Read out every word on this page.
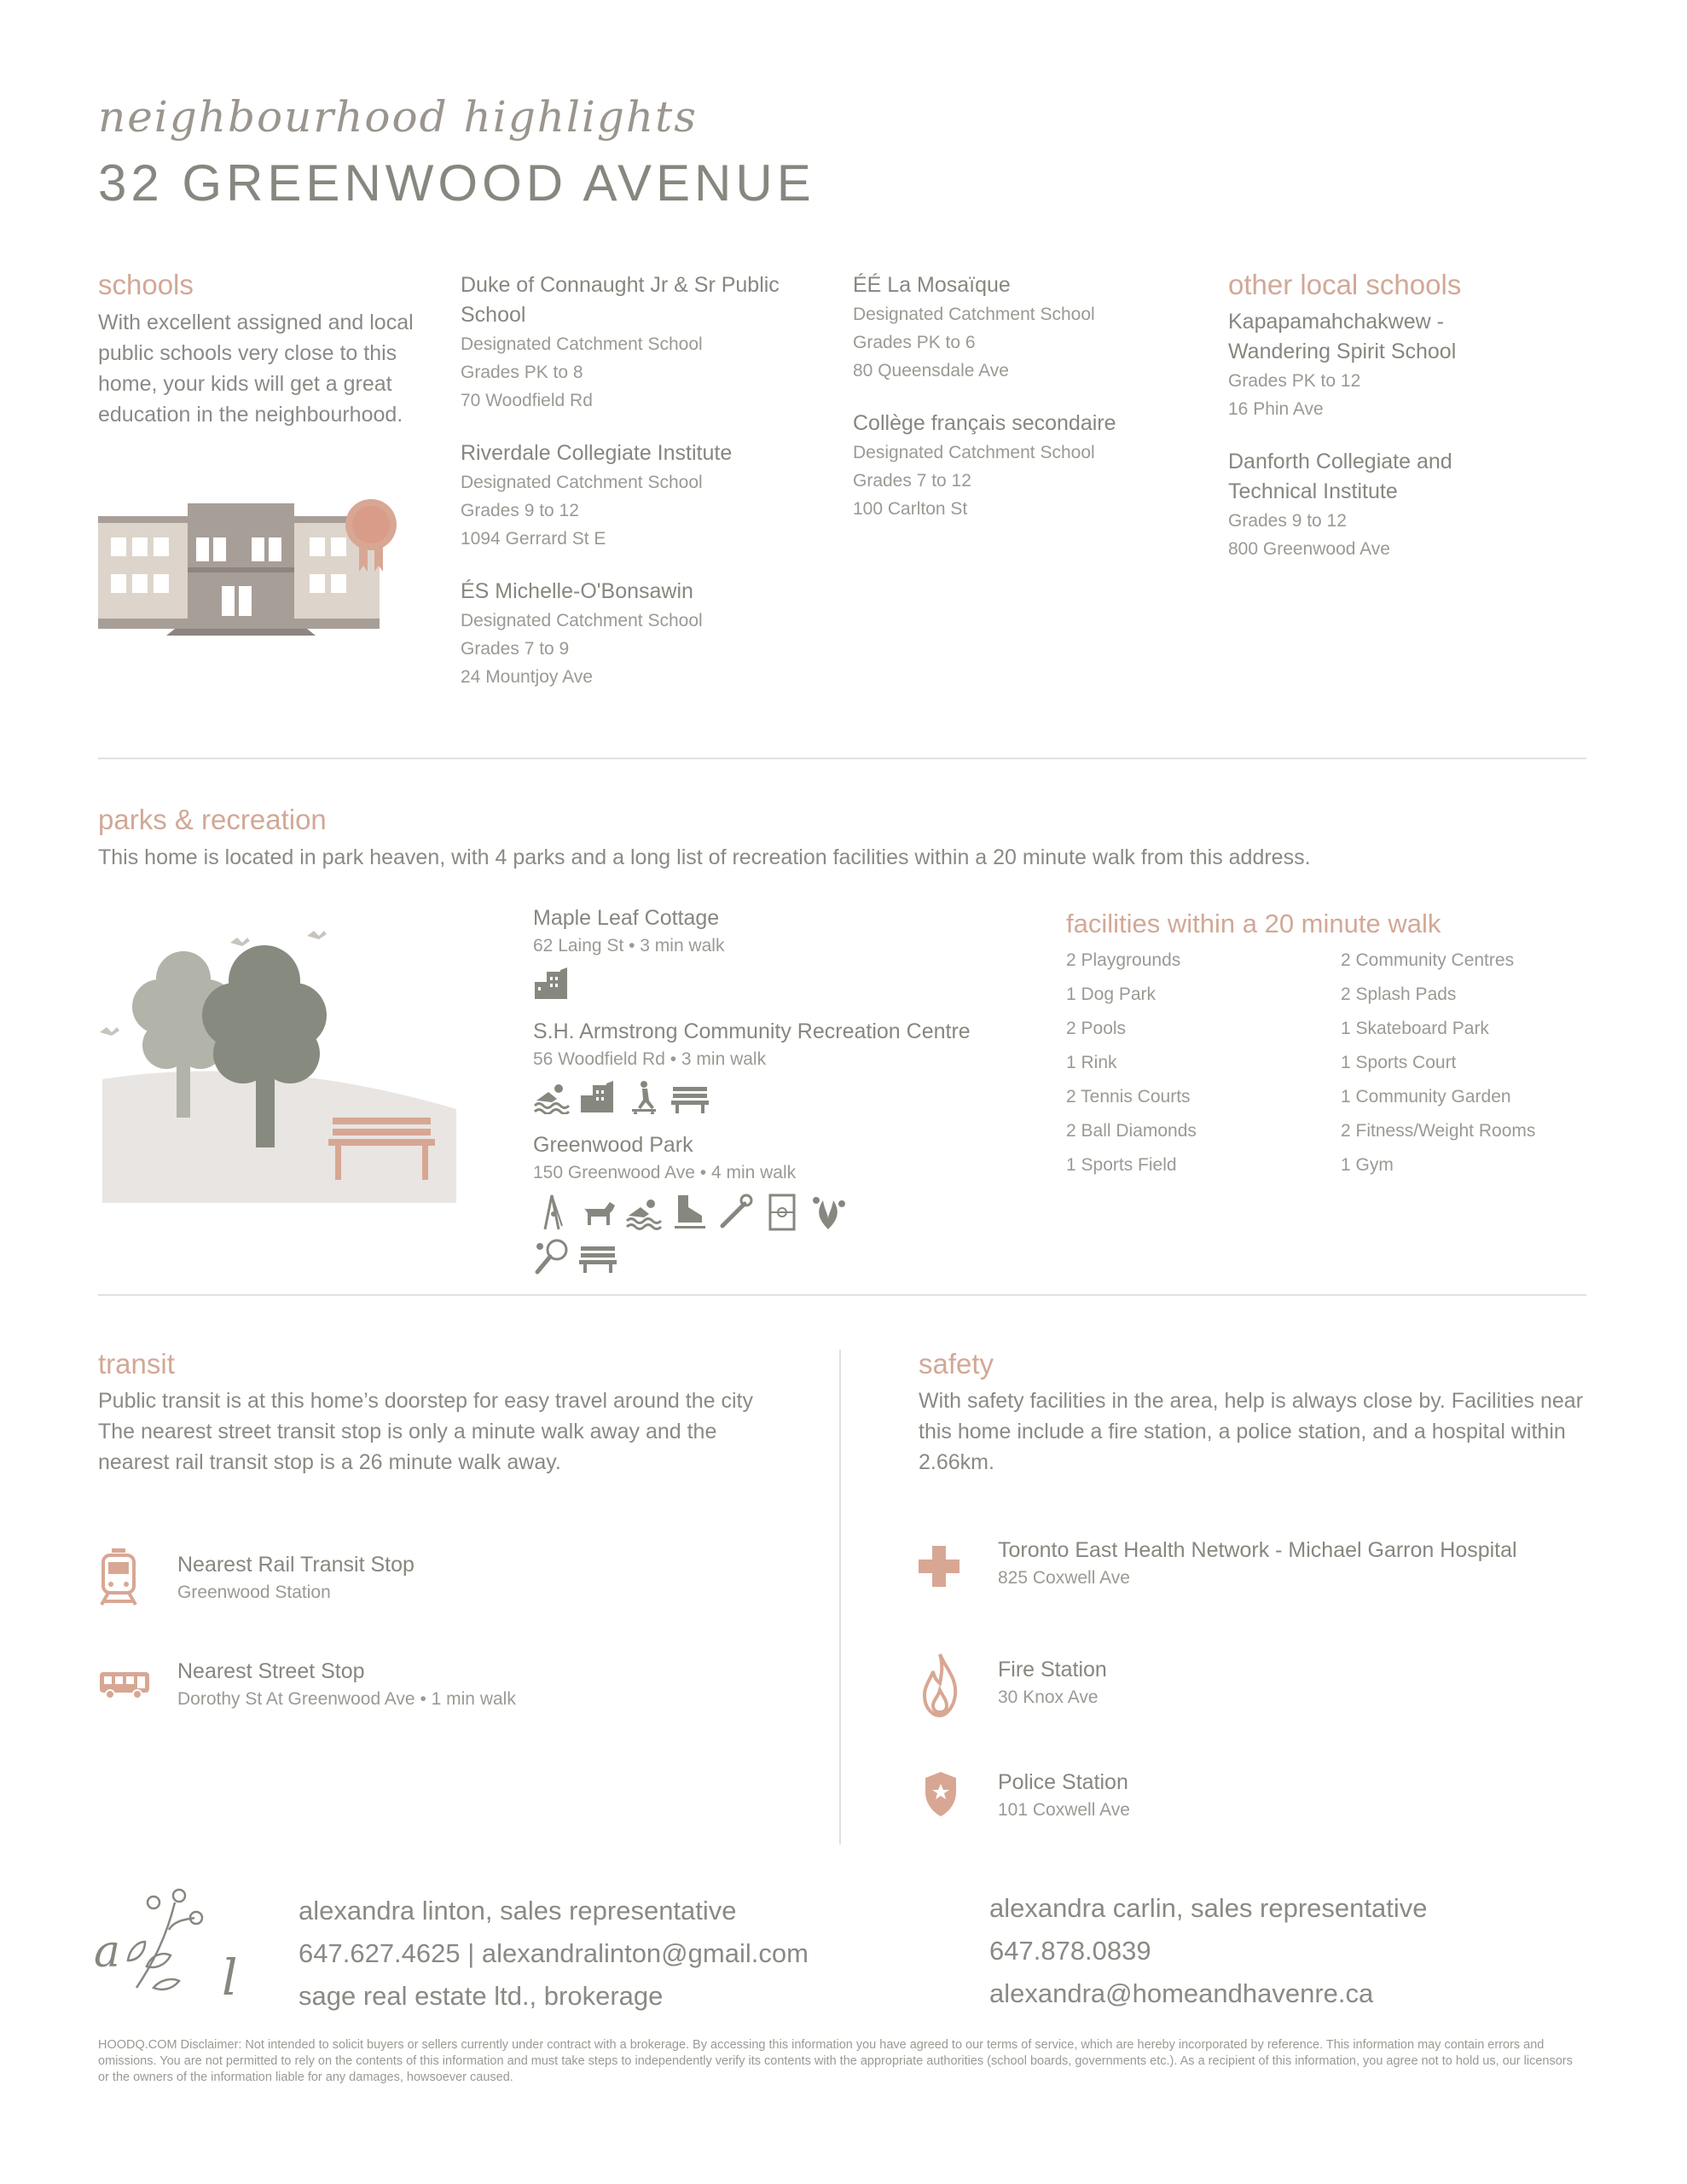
neighbourhood highlights
32 GREENWOOD AVENUE
schools
With excellent assigned and local public schools very close to this home, your kids will get a great education in the neighbourhood.
Duke of Connaught Jr & Sr Public School
Designated Catchment School
Grades PK to 8
70 Woodfield Rd
Riverdale Collegiate Institute
Designated Catchment School
Grades 9 to 12
1094 Gerrard St E
ÉS Michelle-O'Bonsawin
Designated Catchment School
Grades 7 to 9
24 Mountjoy Ave
ÉÉ La Mosaïque
Designated Catchment School
Grades PK to 6
80 Queensdale Ave
Collège français secondaire
Designated Catchment School
Grades 7 to 12
100 Carlton St
other local schools
Kapapamahchakwew - Wandering Spirit School
Grades PK to 12
16 Phin Ave
Danforth Collegiate and Technical Institute
Grades 9 to 12
800 Greenwood Ave
parks & recreation
This home is located in park heaven, with 4 parks and a long list of recreation facilities within a 20 minute walk from this address.
Maple Leaf Cottage
62 Laing St • 3 min walk
S.H. Armstrong Community Recreation Centre
56 Woodfield Rd • 3 min walk
Greenwood Park
150 Greenwood Ave • 4 min walk
facilities within a 20 minute walk
2 Playgrounds
1 Dog Park
2 Pools
1 Rink
2 Tennis Courts
2 Ball Diamonds
1 Sports Field
2 Community Centres
2 Splash Pads
1 Skateboard Park
1 Sports Court
1 Community Garden
2 Fitness/Weight Rooms
1 Gym
transit
Public transit is at this home’s doorstep for easy travel around the city The nearest street transit stop is only a minute walk away and the nearest rail transit stop is a 26 minute walk away.
Nearest Rail Transit Stop
Greenwood Station
Nearest Street Stop
Dorothy St At Greenwood Ave • 1 min walk
safety
With safety facilities in the area, help is always close by. Facilities near this home include a fire station, a police station, and a hospital within 2.66km.
Toronto East Health Network - Michael Garron Hospital
825 Coxwell Ave
Fire Station
30 Knox Ave
Police Station
101 Coxwell Ave
a l
alexandra linton, sales representative
647.627.4625 | alexandralinton@gmail.com
sage real estate ltd., brokerage
alexandra carlin, sales representative
647.878.0839
alexandra@homeandhavenre.ca
HOODQ.COM Disclaimer: Not intended to solicit buyers or sellers currently under contract with a brokerage. By accessing this information you have agreed to our terms of service, which are hereby incorporated by reference. This information may contain errors and omissions. You are not permitted to rely on the contents of this information and must take steps to independently verify its contents with the appropriate authorities (school boards, governments etc.). As a recipient of this information, you agree not to hold us, our licensors or the owners of the information liable for any damages, howsoever caused.
